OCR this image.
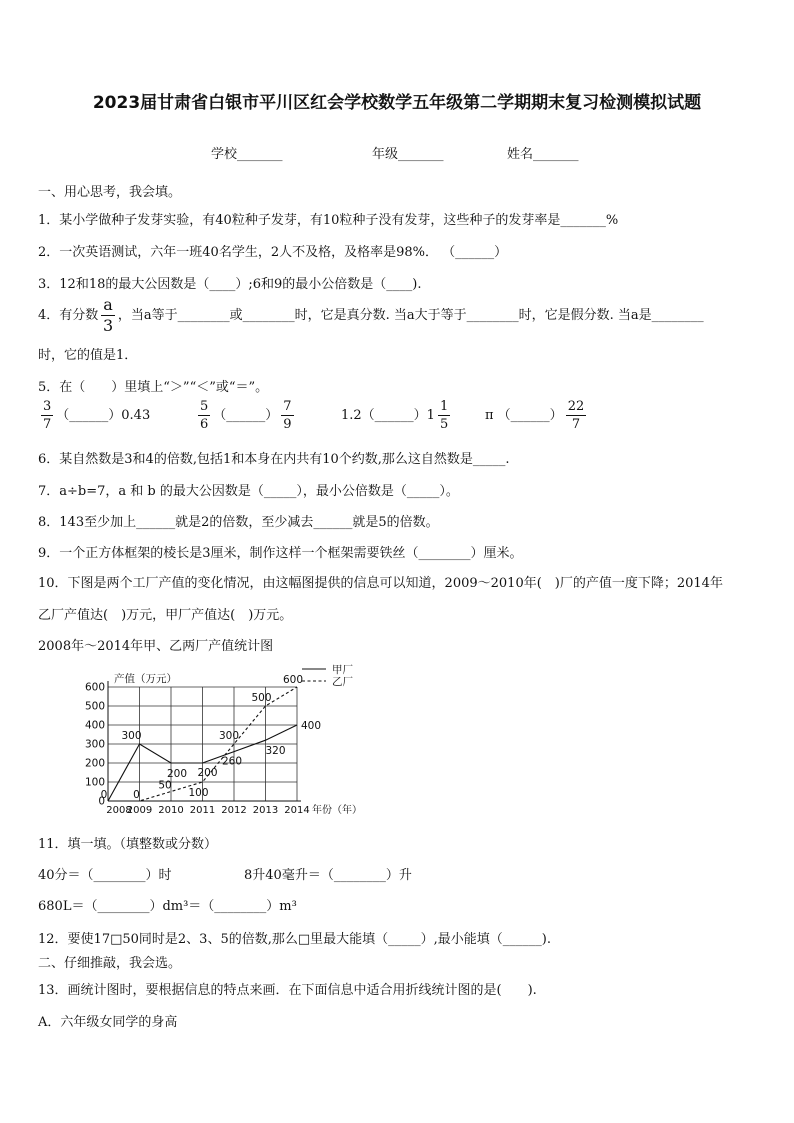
2023届甘肃省白银市平川区红会学校数学五年级第二学期期末复习检测模拟试题
学校_______	年级_______	姓名_______
一、用心思考，我会填。
1．某小学做种子发芽实验，有40粒种子发芽，有10粒种子没有发芽，这些种子的发芽率是_______%
2．一次英语测试，六年一班40名学生，2人不及格，及格率是98%． （______）
3．12和18的最大公因数是（____）;6和9的最小公倍数是（____).
4．有分数 $\frac{a}{3}$ ，当a等于________或________时，它是真分数. 当a大于等于________时，它是假分数. 当a是________
时，它的值是1．
5．在（　　）里填上“＞”“＜”或“＝”。
$\frac{3}{7}$ （______）0.43	$\frac{5}{6}$ （______） $\frac{7}{9}$	1.2（______）1 $\frac{1}{5}$	π （______） $\frac{22}{7}$
6．某自然数是3和4的倍数,包括1和本身在内共有10个约数,那么这自然数是_____.
7．a÷b=7，a 和 b 的最大公因数是（_____），最小公倍数是（_____）。
8．143至少加上______就是2的倍数，至少减去______就是5的倍数。
9．一个正方体框架的棱长是3厘米，制作这样一个框架需要铁丝（________）厘米。
10．下图是两个工厂产值的变化情况，由这幅图提供的信息可以知道，2009～2010年(　)厂的产值一度下降；2014年
乙厂产值达(　)万元，甲厂产值达(　)万元。
2008年～2014年甲、乙两厂产值统计图
0
100
200
300
400
500
600
2008
2009 2010 2011 2012 2013 2014
0
300
200 200
260
320
400
0
50
100
300
500
600
甲厂
乙厂
产值（万元）
年份（年）
11．填一填。（填整数或分数）
40分＝（________）时	8升40毫升＝（________）升
680L＝（________）dm³＝（________）m³
12．要使17□50同时是2、3、5的倍数,那么□里最大能填（_____）,最小能填（______).
二、仔细推敲，我会选。
13．画统计图时，要根据信息的特点来画．在下面信息中适合用折线统计图的是(　　).
A．六年级女同学的身高
